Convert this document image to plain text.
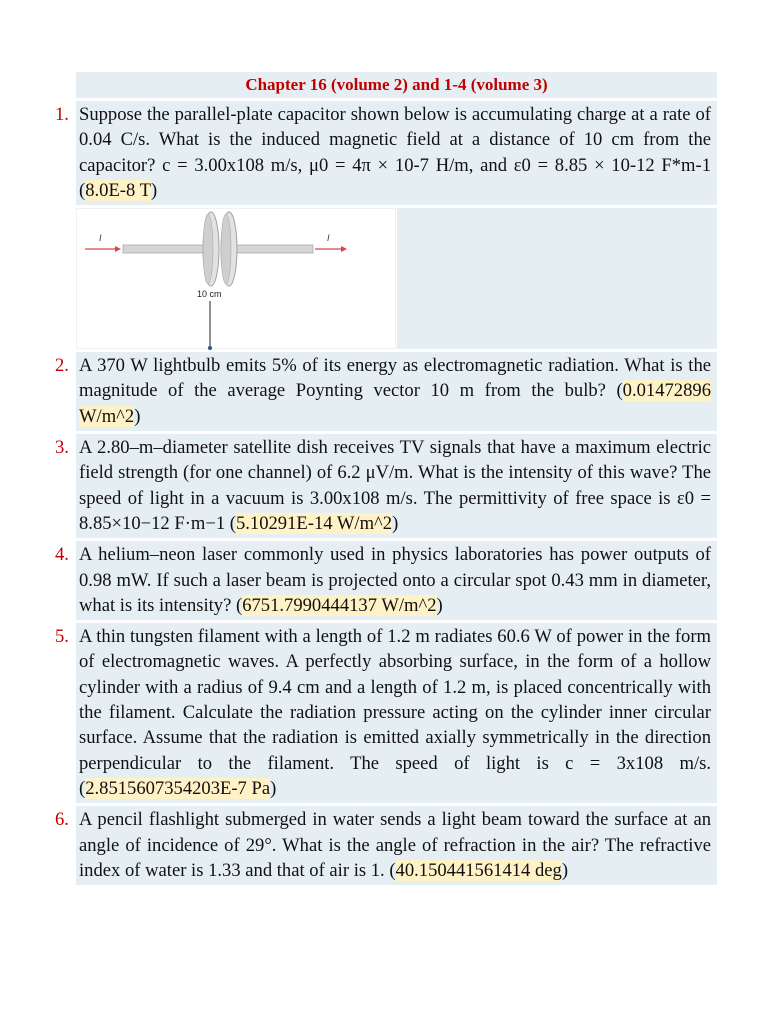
Chapter 16 (volume 2) and 1-4 (volume 3)
1. Suppose the parallel-plate capacitor shown below is accumulating charge at a rate of 0.04 C/s. What is the induced magnetic field at a distance of 10 cm from the capacitor? c = 3.00x108 m/s, μ0 = 4π × 10-7 H/m, and ε0 = 8.85 × 10-12 F*m-1 (8.0E-8 T)
I	I
10 cm
2. A 370 W lightbulb emits 5% of its energy as electromagnetic radiation. What is the magnitude of the average Poynting vector 10 m from the bulb? (0.01472896 W/m^2)
3. A 2.80–m–diameter satellite dish receives TV signals that have a maximum electric field strength (for one channel) of 6.2 μV/m. What is the intensity of this wave? The speed of light in a vacuum is 3.00x108 m/s. The permittivity of free space is ε0 = 8.85×10−12 F·m−1 (5.10291E-14 W/m^2)
4. A helium–neon laser commonly used in physics laboratories has power outputs of 0.98 mW. If such a laser beam is projected onto a circular spot 0.43 mm in diameter, what is its intensity? (6751.7990444137 W/m^2)
5. A thin tungsten filament with a length of 1.2 m radiates 60.6 W of power in the form of electromagnetic waves. A perfectly absorbing surface, in the form of a hollow cylinder with a radius of 9.4 cm and a length of 1.2 m, is placed concentrically with the filament. Calculate the radiation pressure acting on the cylinder inner circular surface. Assume that the radiation is emitted axially symmetrically in the direction perpendicular to the filament. The speed of light is c = 3x108 m/s. (2.8515607354203E-7 Pa)
6. A pencil flashlight submerged in water sends a light beam toward the surface at an angle of incidence of 29°. What is the angle of refraction in the air? The refractive index of water is 1.33 and that of air is 1. (40.150441561414 deg)
